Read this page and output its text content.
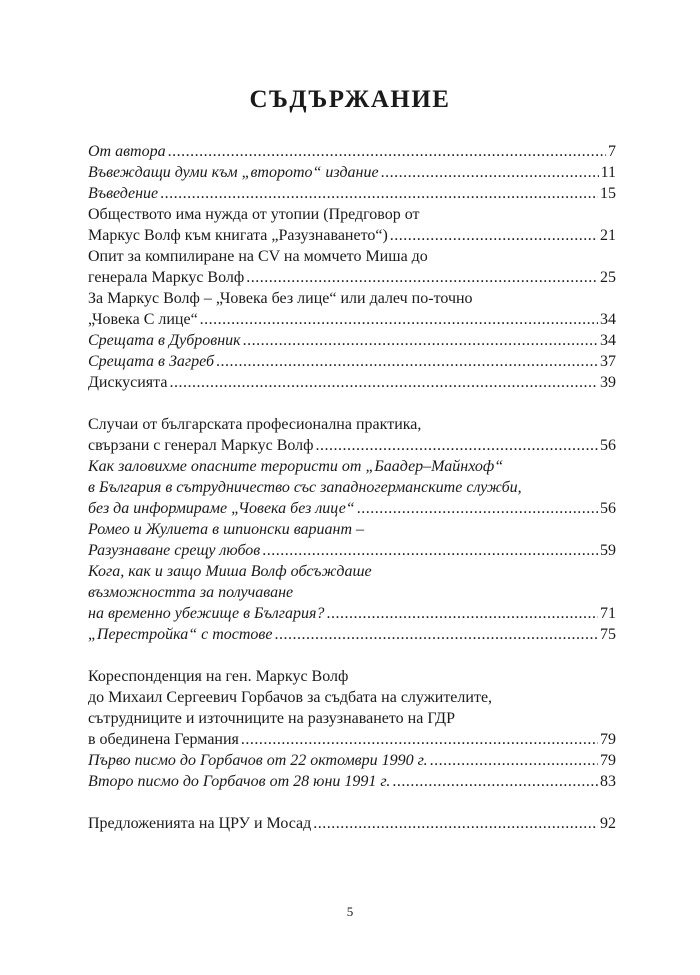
СЪДЪРЖАНИЕ
От автора .....	7
Въвеждащи думи към „второто“ издание .....	11
Въведение .....	15
Обществото има нужда от утопии (Предговор от
Маркус Волф към книгата „Разузнаването“) .....	21
Опит за компилиране на CV на момчето Миша до
генерала Маркус Волф .....	25
За Маркус Волф – „Човека без лице“ или далеч по-точно
„Човека С лице“ .....	34
Срещата в Дубровник .....	34
Срещата в Загреб .....	37
Дискусията .....	39
Случаи от българската професионална практика,
свързани с генерал Маркус Волф .....	56
Как заловихме опасните терористи от „Баадер–Майнхоф“
в България в сътрудничество със западногерманските служби,
без да информираме „Човека без лице“ .....	56
Ромео и Жулиета в шпионски вариант –
Разузнаване срещу любов .....	59
Кога, как и защо Миша Волф обсъждаше
възможността за получаване
на временно убежище в България? .....	71
„Перестройка“ с тостове .....	75
Кореспонденция на ген. Маркус Волф
до Михаил Сергеевич Горбачов за съдбата на служителите,
сътрудниците и източниците на разузнаването на ГДР
в обединена Германия .....	79
Първо писмо до Горбачов от 22 октомври 1990 г. .....	79
Второ писмо до Горбачов от 28 юни 1991 г. .....	83
Предложенията на ЦРУ и Мосад .....	92
5
